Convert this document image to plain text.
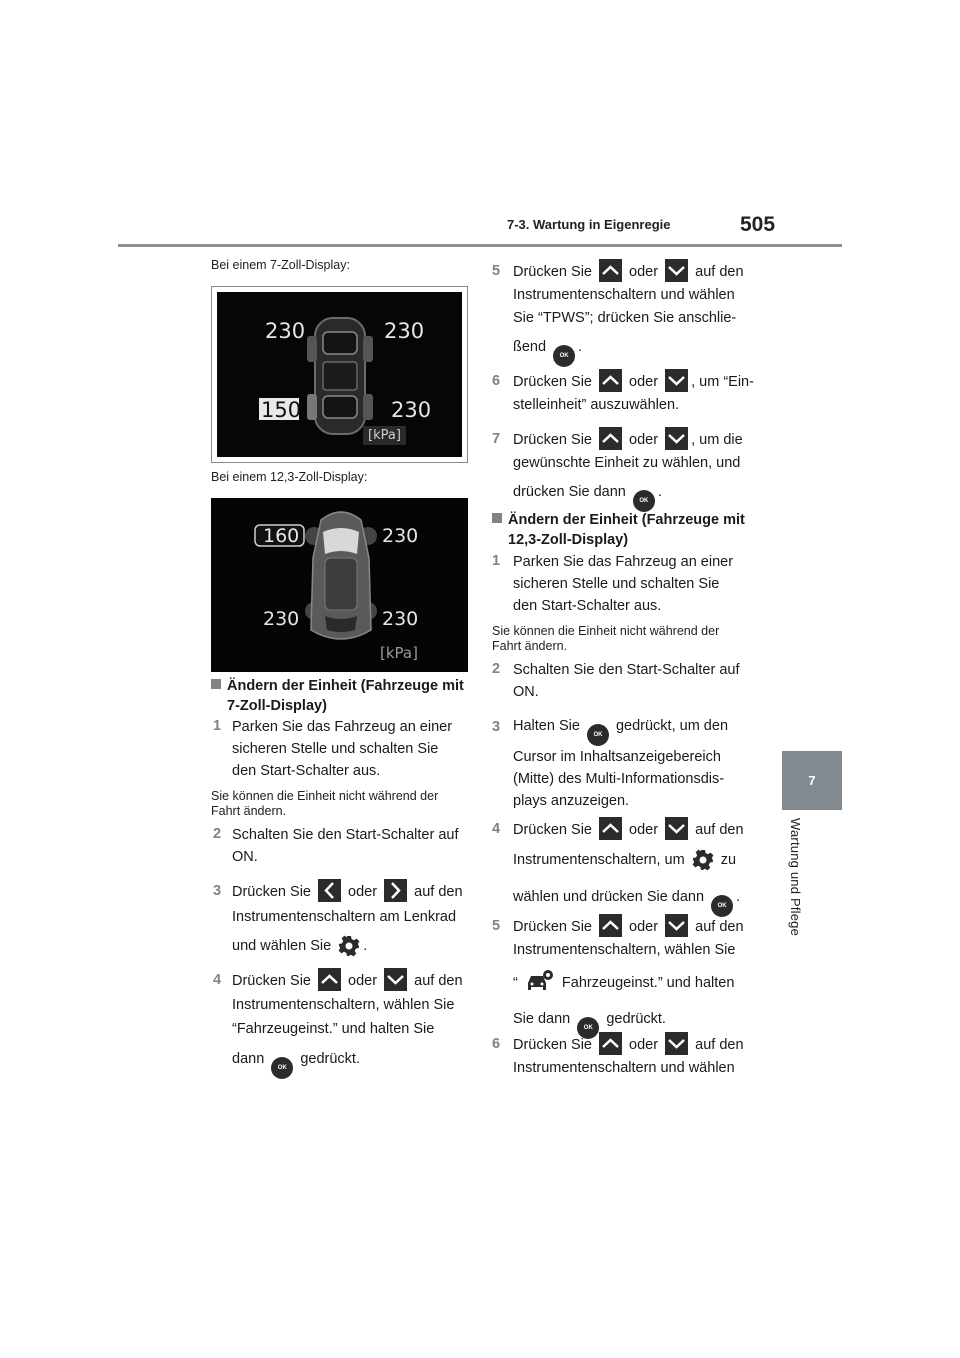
7-3. Wartung in Eigenregie	505
7
Wartung und Pflege
Bei einem 7-Zoll-Display:
230	230
150	230
[kPa]
Bei einem 12,3-Zoll-Display:
160	230
230	230
[kPa]
Ändern der Einheit (Fahrzeuge mit
7-Zoll-Display)
1 Parken Sie das Fahrzeug an einer
sicheren Stelle und schalten Sie
den Start-Schalter aus.
Sie können die Einheit nicht während der
Fahrt ändern.
2 Schalten Sie den Start-Schalter auf
ON.
3 Drücken Sie	oder	auf den
Instrumentenschaltern am Lenkrad
und wählen Sie .
4 Drücken Sie	oder	auf den
Instrumentenschaltern, wählen Sie
“Fahrzeugeinst.” und halten Sie
dann OK gedrückt.
5 Drücken Sie	oder	auf den
Instrumentenschaltern und wählen
Sie “TPWS”; drücken Sie anschlie-
ßend OK.
6 Drücken Sie	oder , um “Ein-
stelleinheit” auszuwählen.
7 Drücken Sie	oder , um die
gewünschte Einheit zu wählen, und
drücken Sie dann OK.
Ändern der Einheit (Fahrzeuge mit
12,3-Zoll-Display)
1 Parken Sie das Fahrzeug an einer
sicheren Stelle und schalten Sie
den Start-Schalter aus.
Sie können die Einheit nicht während der
Fahrt ändern.
2 Schalten Sie den Start-Schalter auf
ON.
3 Halten Sie OK gedrückt, um den
Cursor im Inhaltsanzeigebereich
(Mitte) des Multi-Informationsdis-
plays anzuzeigen.
4 Drücken Sie	oder	auf den
Instrumentenschaltern, um zu
wählen und drücken Sie dann OK.
5 Drücken Sie	oder	auf den
Instrumentenschaltern, wählen Sie
“	Fahrzeugeinst.” und halten
Sie dann OK gedrückt.
6 Drücken Sie	oder	auf den
Instrumentenschaltern und wählen
